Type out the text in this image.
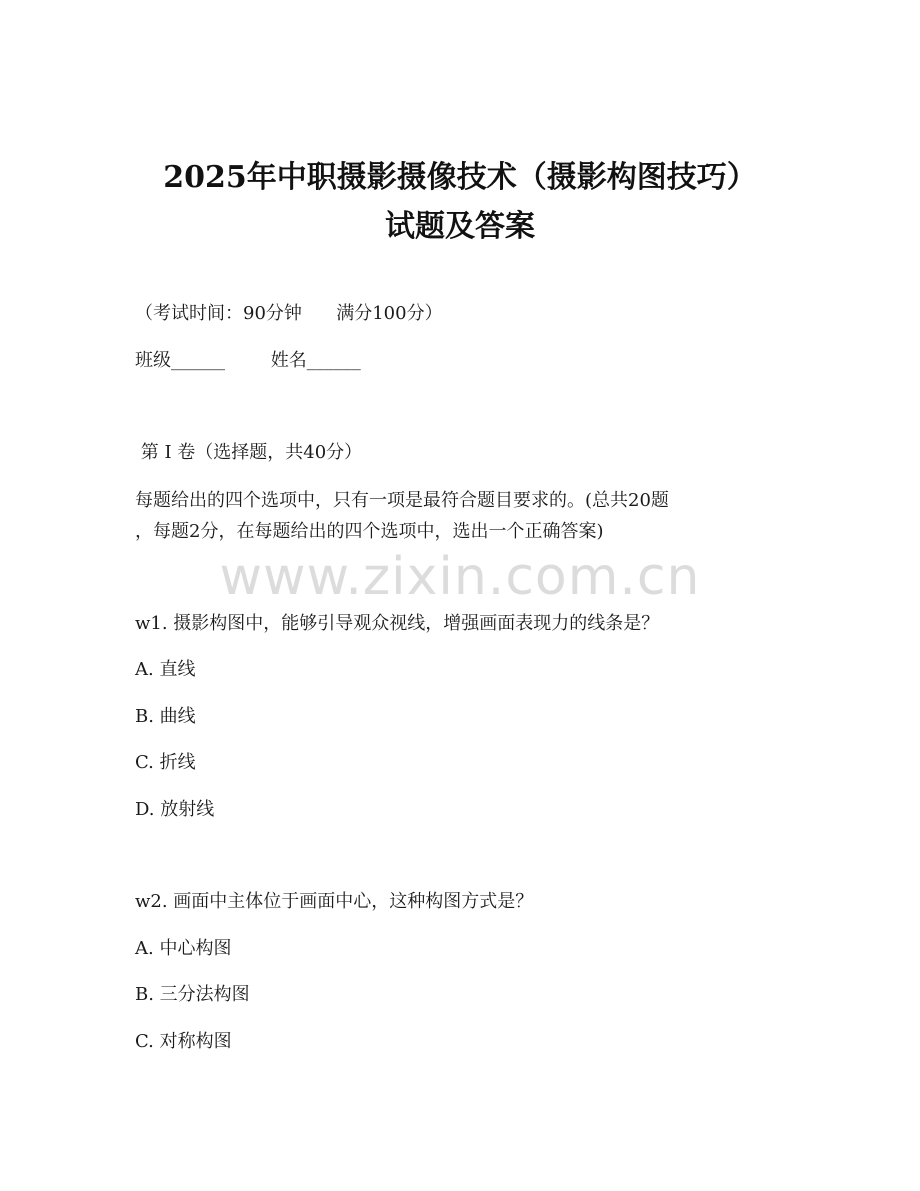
2025年中职摄影摄像技术（摄影构图技巧）
试题及答案
（考试时间：90分钟      满分100分）
班级______        姓名______
第 I 卷（选择题，共40分）
每题给出的四个选项中，只有一项是最符合题目要求的。(总共20题
，每题2分，在每题给出的四个选项中，选出一个正确答案)
www.zixin.com.cn
w1. 摄影构图中，能够引导观众视线，增强画面表现力的线条是？
A. 直线
B. 曲线
C. 折线
D. 放射线
w2. 画面中主体位于画面中心，这种构图方式是？
A. 中心构图
B. 三分法构图
C. 对称构图
